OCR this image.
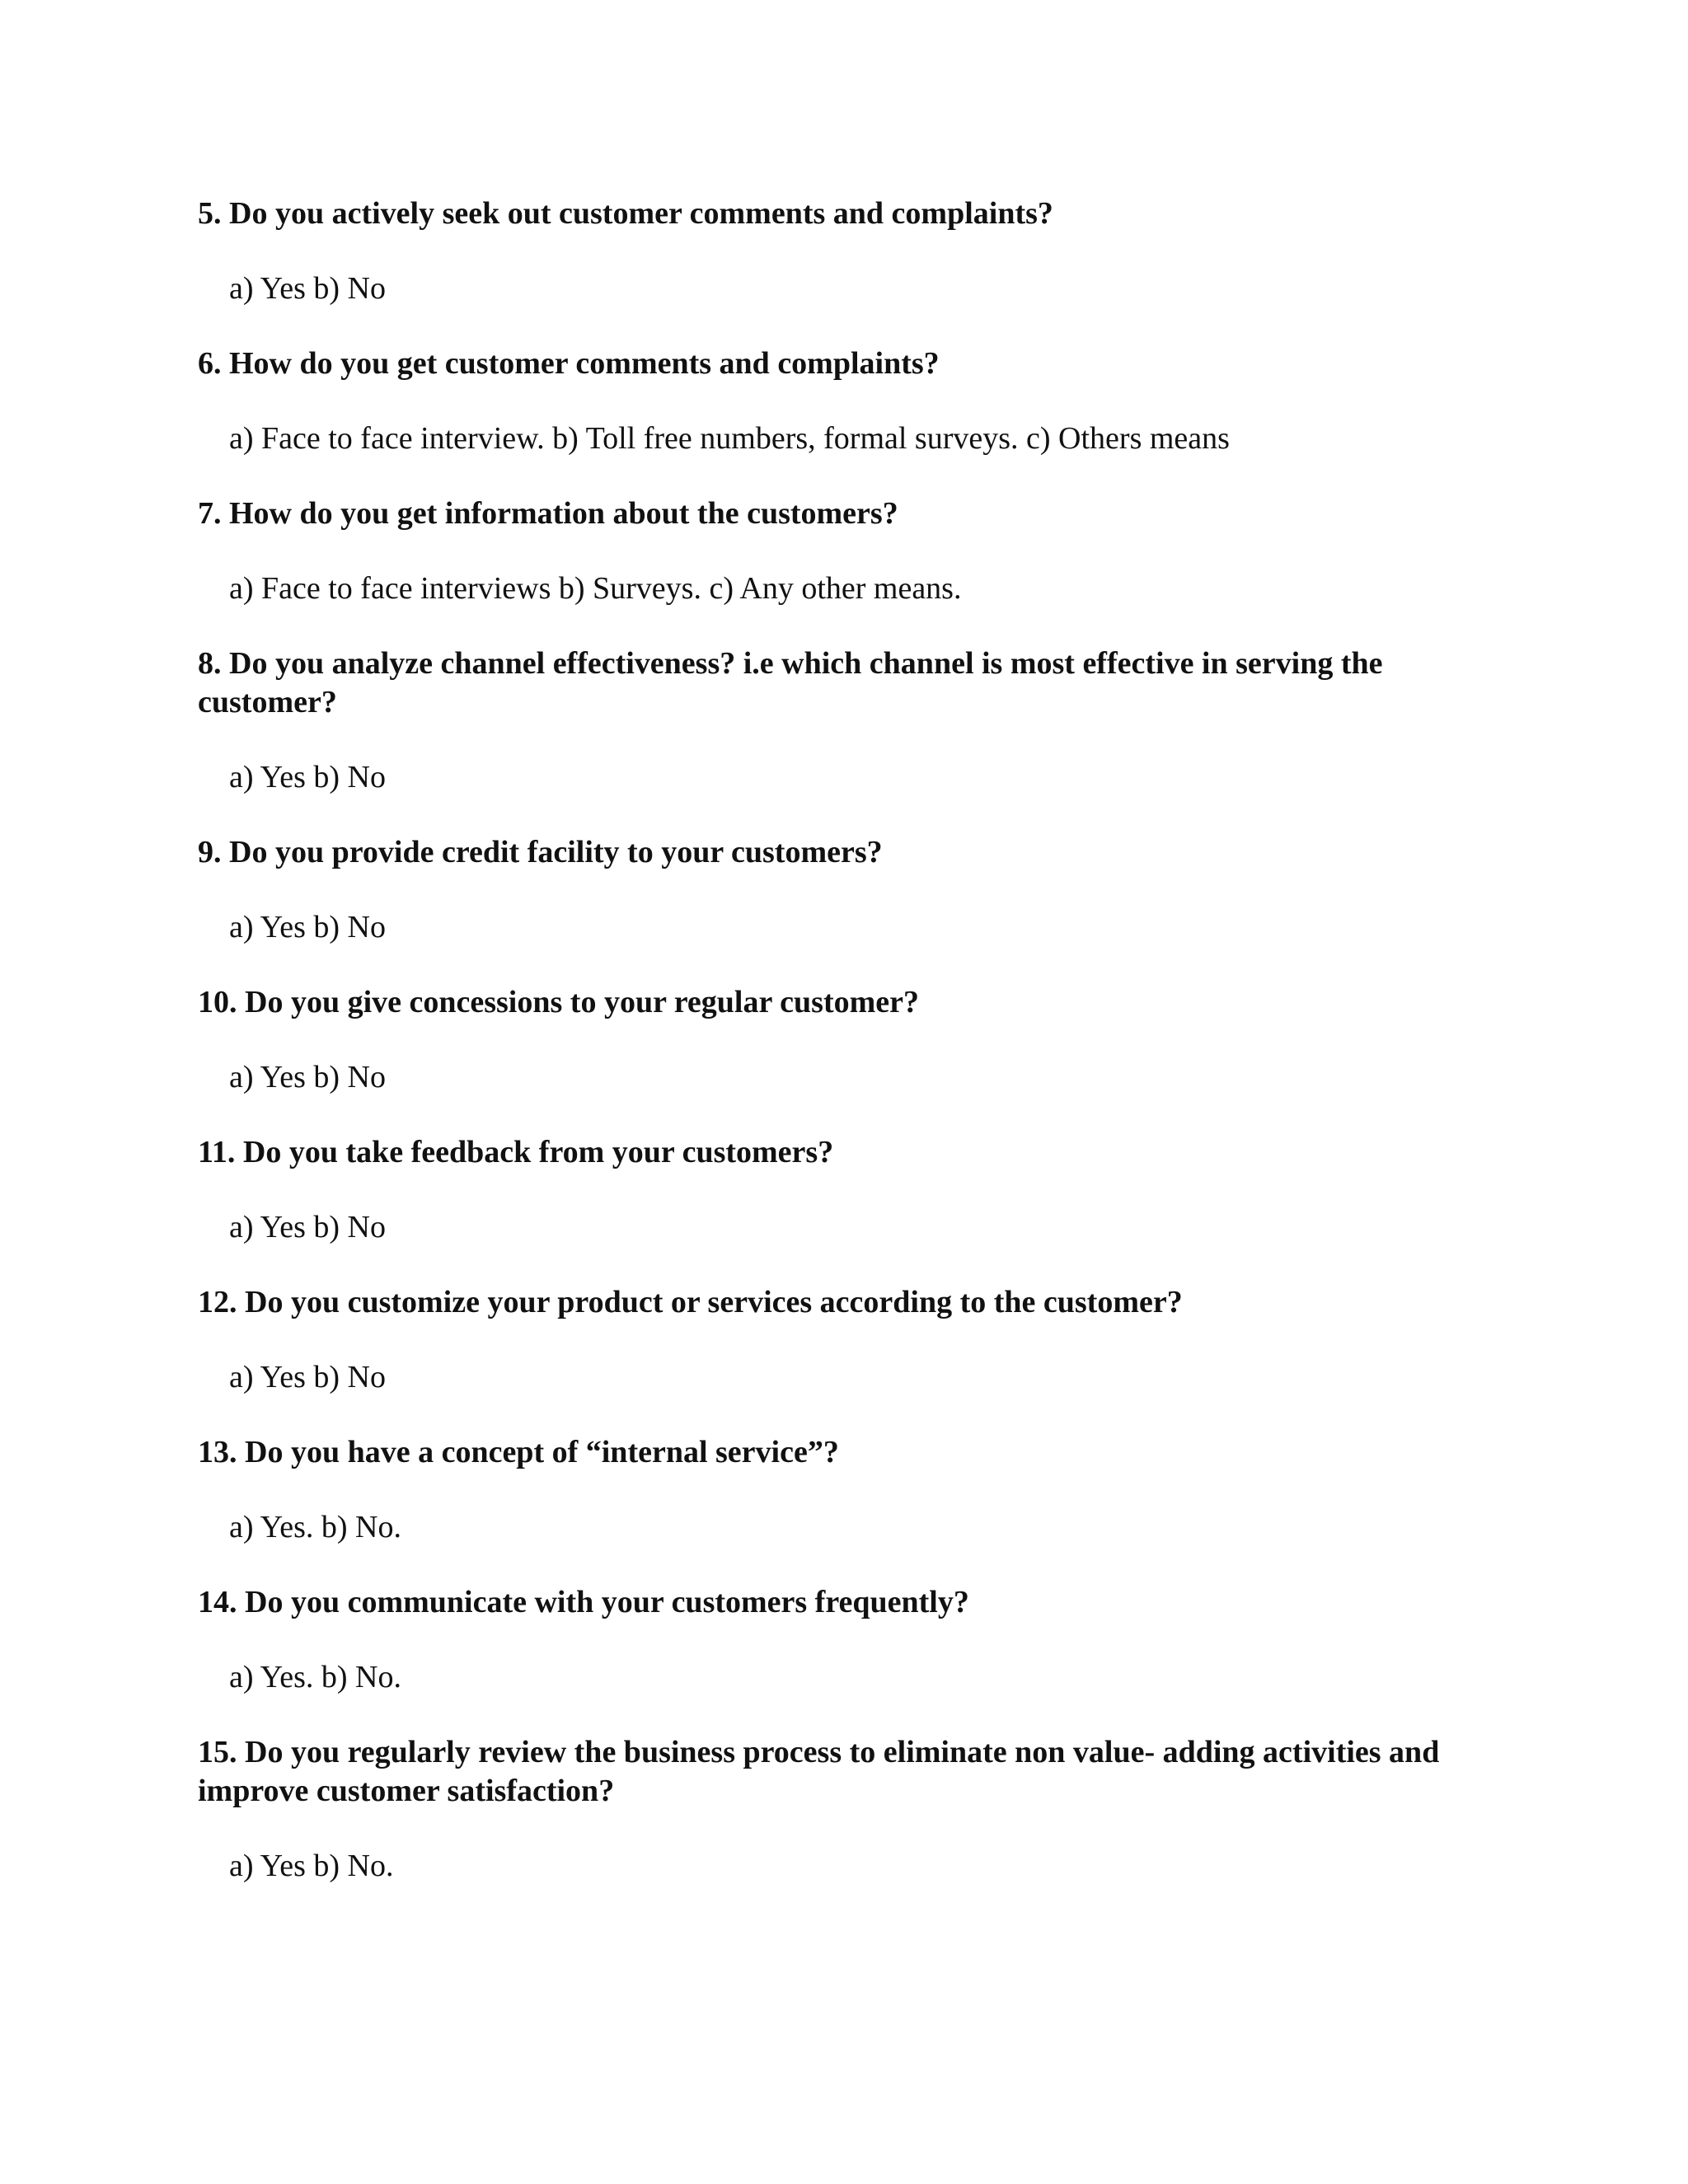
5. Do you actively seek out customer comments and complaints?

a) Yes b) No

6. How do you get customer comments and complaints?

a) Face to face interview. b) Toll free numbers, formal surveys. c) Others means

7. How do you get information about the customers?

a) Face to face interviews b) Surveys. c) Any other means.

8. Do you analyze channel effectiveness? i.e which channel is most effective in serving the customer?

a) Yes b) No

9. Do you provide credit facility to your customers?

a) Yes b) No

10. Do you give concessions to your regular customer?

a) Yes b) No

11. Do you take feedback from your customers?

a) Yes b) No

12. Do you customize your product or services according to the customer?

a) Yes b) No

13. Do you have a concept of “internal service”?

a) Yes. b) No.

14. Do you communicate with your customers frequently?

a) Yes. b) No.

15. Do you regularly review the business process to eliminate non value- adding activities and improve customer satisfaction?

a) Yes b) No.
